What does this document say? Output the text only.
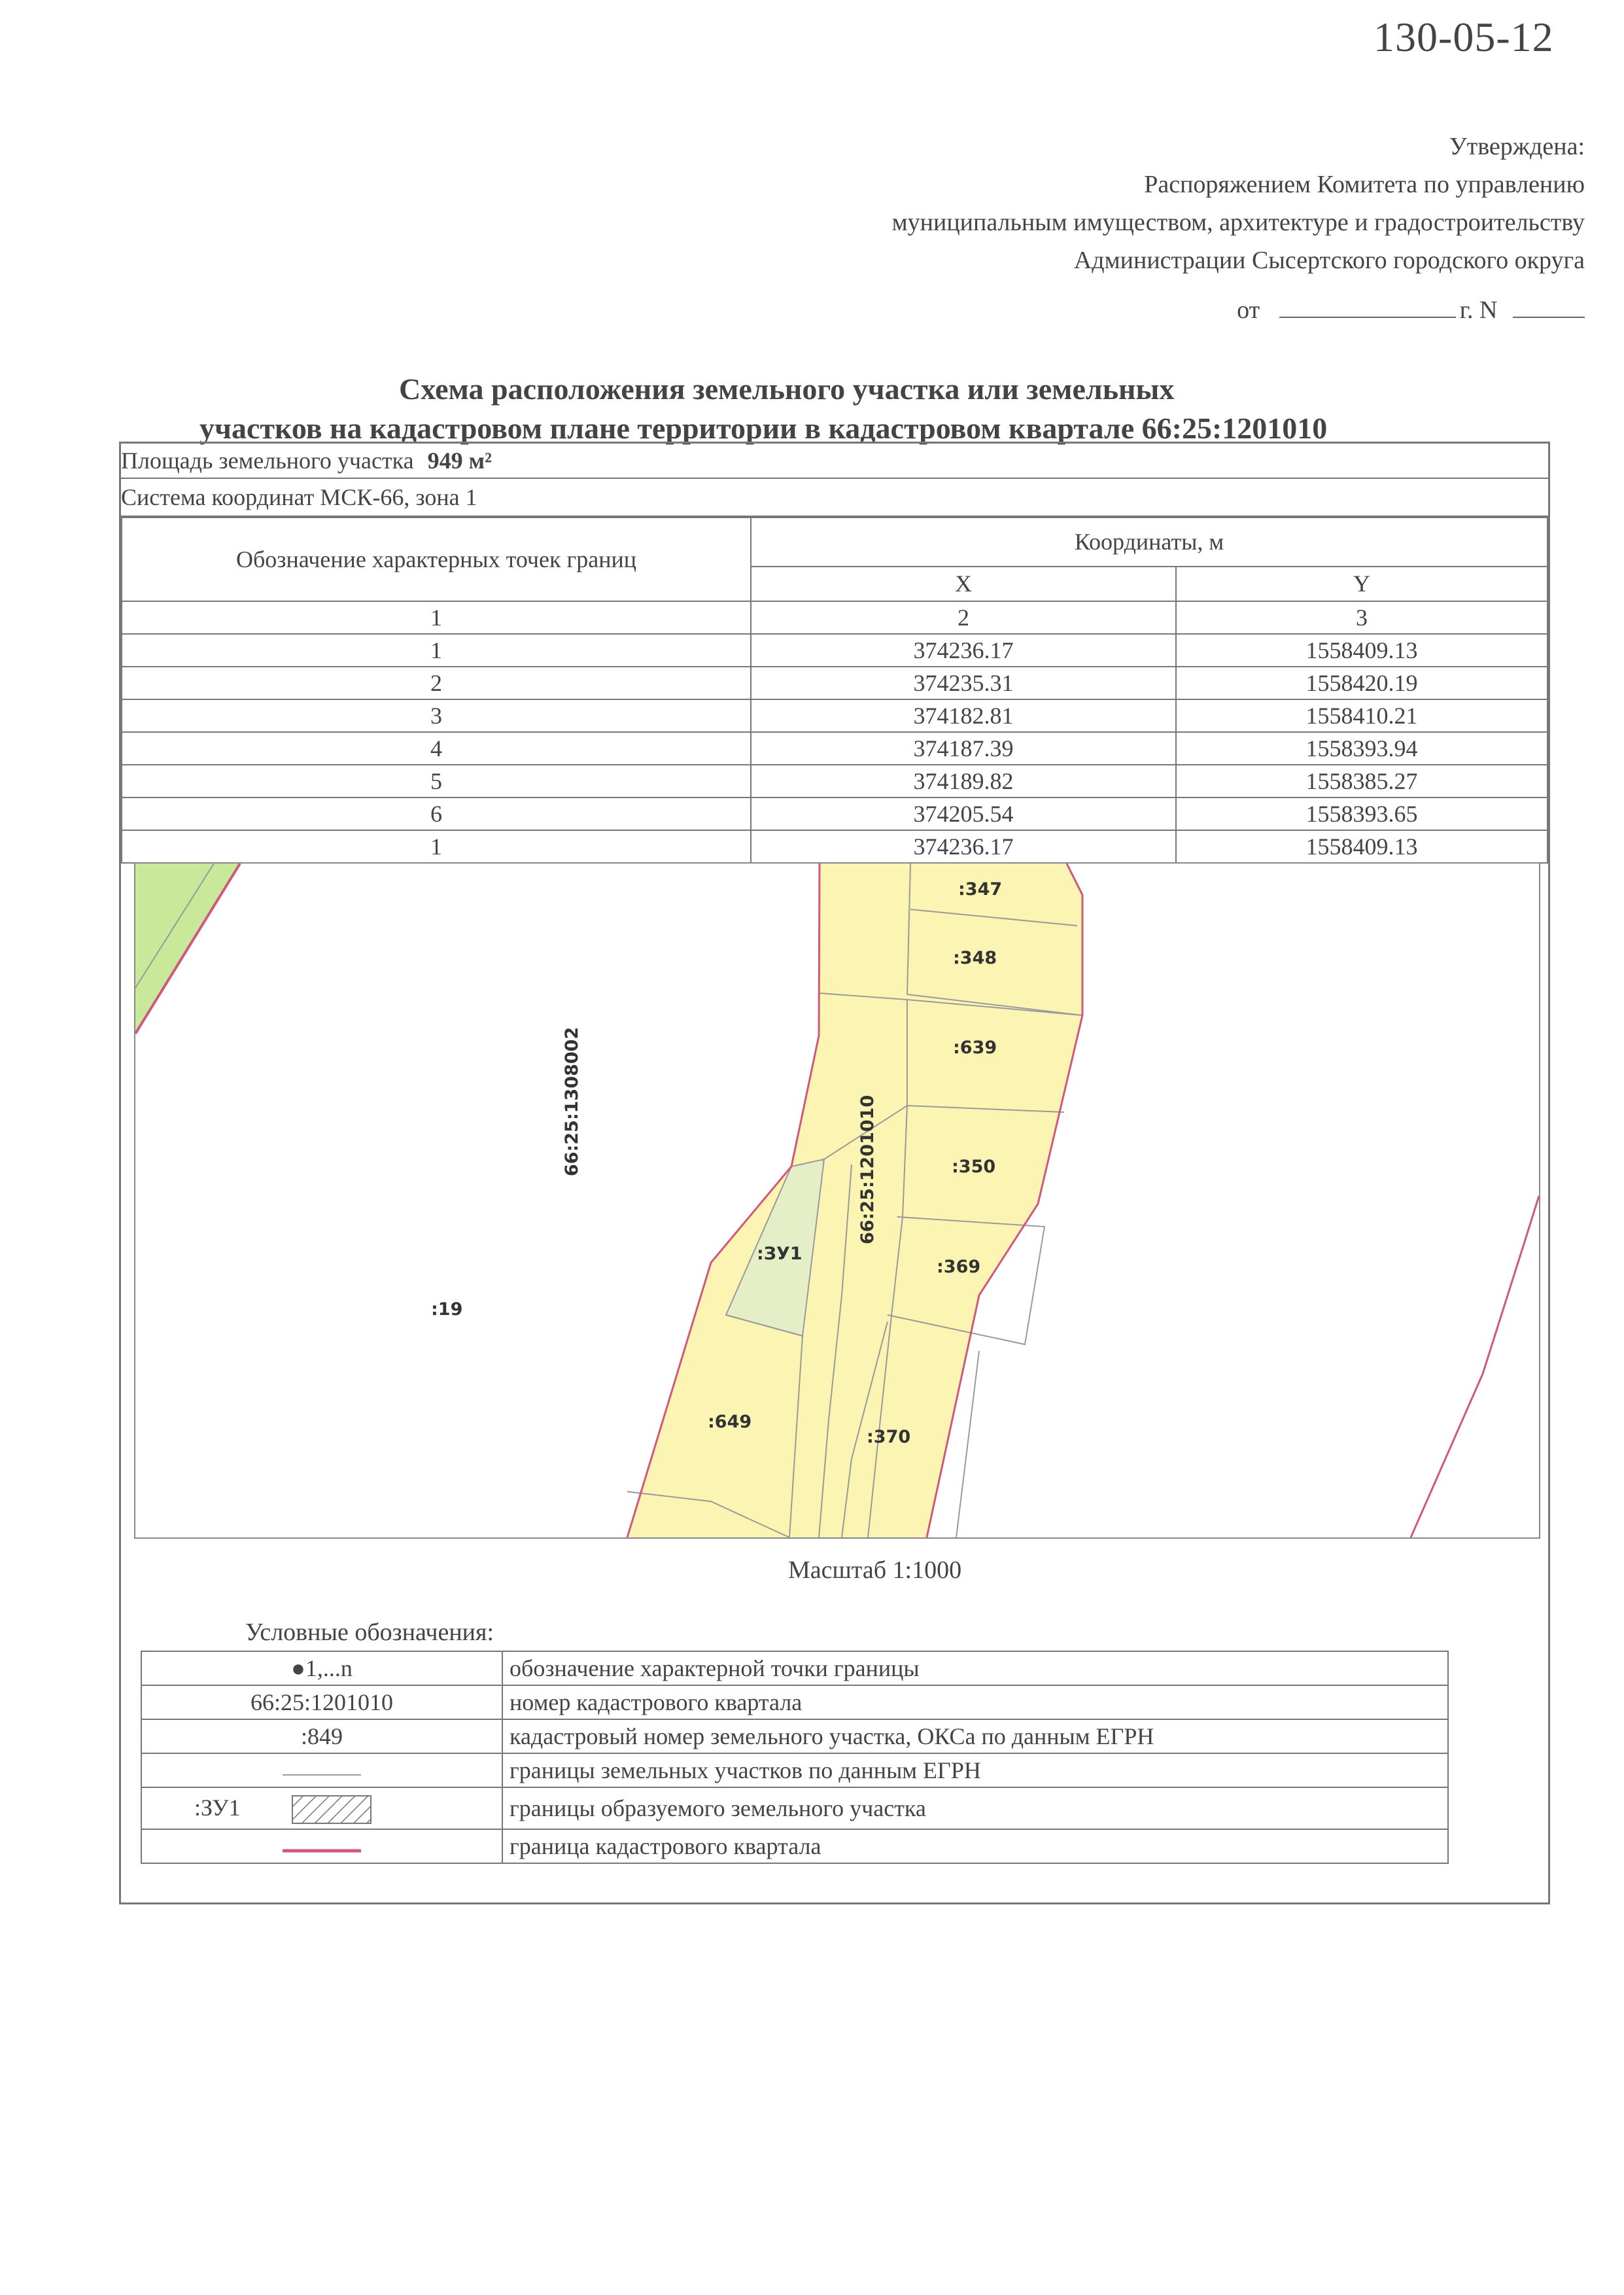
130-05-12
Утверждена:
Распоряжением Комитета по управлению
муниципальным имуществом, архитектуре и градостроительству
Администрации Сысертского городского округа
от	г. N
Схема расположения земельного участка или земельных
участков на кадастровом плане территории в кадастровом квартале 66:25:1201010
Площадь земельного участка 949 м²
Система координат МСК-66, зона 1
Обозначение характерных точек границ	Координаты, м	
	X	Y
1	2	3
1	374236.17	1558409.13
2	374235.31	1558420.19
3	374182.81	1558410.21
4	374187.39	1558393.94
5	374189.82	1558385.27
6	374205.54	1558393.65
1	374236.17	1558409.13
:347
:348
:639
:350
:369
:370
:649
:ЗУ1
:19
66:25:1201010
66:25:1308002
Масштаб 1:1000
Условные обозначения:
●1,...n	обозначение характерной точки границы
66:25:1201010	номер кадастрового квартала
:849	кадастровый номер земельного участка, ОКСа по данным ЕГРН
	границы земельных участков по данным ЕГРН
:ЗУ1	границы образуемого земельного участка
	граница кадастрового квартала
